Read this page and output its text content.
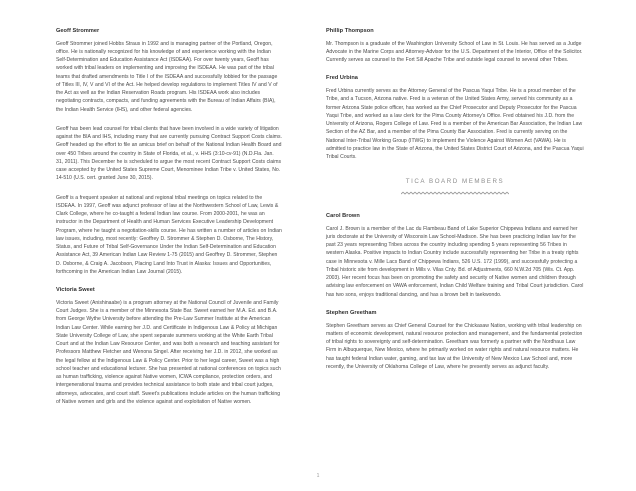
Geoff Strommer

Geoff Strommer joined Hobbs Straus in 1992 and is managing partner of the Portland, Oregon, office. He is nationally recognized for his knowledge of and experience working with the Indian Self-Determination and Education Assistance Act (ISDEAA). For over twenty years, Geoff has worked with tribal leaders on implementing and improving the ISDEAA. He was part of the tribal teams that drafted amendments to Title I of the ISDEAA and successfully lobbied for the passage of Titles III, IV, V and VI of the Act. He helped develop regulations to implement Titles IV and V of the Act as well as the Indian Reservation Roads program. His ISDEAA work also includes negotiating contracts, compacts, and funding agreements with the Bureau of Indian Affairs (BIA), the Indian Health Service (IHS), and other federal agencies.

Geoff has been lead counsel for tribal clients that have been involved in a wide variety of litigation against the BIA and IHS, including many that are currently pursuing Contract Support Costs claims. Geoff headed up the effort to file an amicus brief on behalf of the National Indian Health Board and over 450 Tribes around the country in State of Florida, et al., v. HHS (3:10-cv-91) (N.D.Fla. Jan. 31, 2011). This December he is scheduled to argue the most recent Contract Support Costs claims case accepted by the United States Supreme Court, Menominee Indian Tribe v. United States, No. 14-510 (U.S. cert. granted June 30, 2015).

Geoff is a frequent speaker at national and regional tribal meetings on topics related to the ISDEAA. In 1997, Geoff was adjunct professor of law at the Northwestern School of Law, Lewis & Clark College, where he co-taught a federal Indian law course. From 2000-2001, he was an instructor in the Department of Health and Human Services Executive Leadership Development Program, where he taught a negotiation-skills course. He has written a number of articles on Indian law issues, including, most recently: Geoffrey D. Strommer & Stephen D. Osborne, The History, Status, and Future of Tribal Self-Governance Under the Indian Self-Determination and Education Assistance Act, 39 American Indian Law Review 1-75 (2015) and Geoffrey D. Strommer, Stephen D. Osborne, & Craig A. Jacobson, Placing Land Into Trust in Alaska: Issues and Opportunities, forthcoming in the American Indian Law Journal (2015).

Victoria Sweet

Victoria Sweet (Anishinaabe) is a program attorney at the National Council of Juvenile and Family Court Judges. She is a member of the Minnesota State Bar. Sweet earned her M.A. Ed. and B.A. from George Wythe University before attending the Pre-Law Summer Institute at the American Indian Law Center. While earning her J.D. and Certificate in Indigenous Law & Policy at Michigan State University College of Law, she spent separate summers working at the White Earth Tribal Court and at the Indian Law Resource Center, and was both a research and teaching assistant for Professors Matthew Fletcher and Wenona Singel. After receiving her J.D. in 2012, she worked as the legal fellow at the Indigenous Law & Policy Center. Prior to her legal career, Sweet was a high school teacher and educational lecturer. She has presented at national conferences on topics such as human trafficking, violence against Native women, ICWA compliance, protection orders, and intergenerational trauma and provides technical assistance to both state and tribal court judges, attorneys, advocates, and court staff. Sweet's publications include articles on the human trafficking of Native women and girls and the violence against and exploitation of Native women.

Phillip Thompson

Mr. Thompson is a graduate of the Washington University School of Law in St. Louis. He has served as a Judge Advocate in the Marine Corps and Attorney-Advisor for the U.S. Department of the Interior, Office of the Solicitor. Currently serves as counsel to the Fort Sill Apache Tribe and outside legal counsel to several other Tribes.

Fred Urbina

Fred Urbina currently serves as the Attorney General of the Pascua Yaqui Tribe. He is a proud member of the Tribe, and a Tucson, Arizona native. Fred is a veteran of the United States Army, served his community as a former Arizona State police officer, has worked as the Chief Prosecutor and Deputy Prosecutor for the Pascua Yaqui Tribe, and worked as a law clerk for the Pima County Attorney's Office. Fred obtained his J.D. from the University of Arizona, Rogers College of Law. Fred is a member of the American Bar Association, the Indian Law Section of the AZ Bar, and a member of the Pima County Bar Association. Fred is currently serving on the National Inter-Tribal Working Group (ITWG) to implement the Violence Against Women Act (VAWA). He is admitted to practice law in the State of Arizona, the United States District Court of Arizona, and the Pascua Yaqui Tribal Courts.

TICA BOARD MEMBERS
Carol Brown

Carol J. Brown is a member of the Lac du Flambeau Band of Lake Superior Chippewa Indians and earned her juris doctorate at the University of Wisconsin Law School-Madison. She has been practicing Indian law for the past 23 years representing Tribes across the country including spending 5 years representing 56 Tribes in western Alaska. Positive impacts to Indian Country include successfully representing her Tribe in a treaty rights case in Minnesota v. Mille Lacs Band of Chippewa Indians, 526 U.S. 172 (1999), and successfully protecting a Tribal historic site from development in Mills v. Vilas Cnty. Bd. of Adjustments, 660 N.W.2d 705 (Wis. Ct. App. 2003). Her recent focus has been on promoting the safety and security of Native women and children through advising law enforcement on VAWA enforcement, Indian Child Welfare training and Tribal Court jurisdiction. Carol has two sons, enjoys traditional dancing, and has a brown belt in taekwondo.

Stephen Greetham

Stephen Greetham serves as Chief General Counsel for the Chickasaw Nation, working with tribal leadership on matters of economic development, natural resource protection and management, and the fundamental protection of tribal rights to sovereignty and self-determination. Greetham was formerly a partner with the Nordhaus Law Firm in Albuquerque, New Mexico, where he primarily worked on water rights and natural resource matters. He has taught federal Indian water, gaming, and tax law at the University of New Mexico Law School and, more recently, the University of Oklahoma College of Law, where he presently serves as adjunct faculty.

1
